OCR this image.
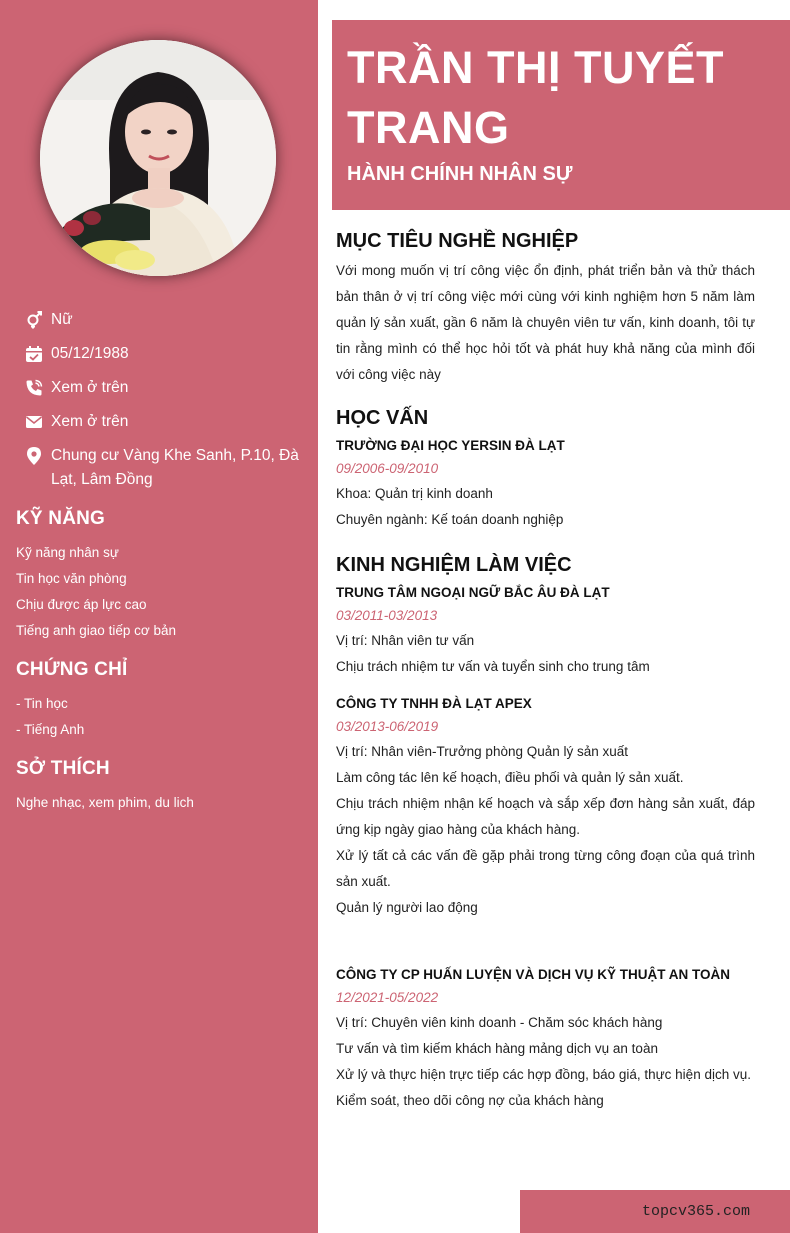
Nữ
05/12/1988
Xem ở trên
Xem ở trên
Chung cư Vàng Khe Sanh, P.10, Đà Lạt, Lâm Đồng
KỸ NĂNG
Kỹ năng nhân sự
Tin học văn phòng
Chịu được áp lực cao
Tiếng anh giao tiếp cơ bản
CHỨNG CHỈ
- Tin học
- Tiếng Anh
SỞ THÍCH
Nghe nhạc, xem phim, du lich
TRẦN THỊ TUYẾT TRANG
HÀNH CHÍNH NHÂN SỰ
MỤC TIÊU NGHỀ NGHIỆP
Với mong muốn vị trí công việc ổn định, phát triển bản và thử thách bản thân ở vị trí công việc mới cùng với kinh nghiệm hơn 5 năm làm quản lý sản xuất, gần 6 năm là chuyên viên tư vấn, kinh doanh, tôi tự tin rằng mình có thể học hỏi tốt và phát huy khả năng của mình đối với công việc này
HỌC VẤN
TRƯỜNG ĐẠI HỌC YERSIN ĐÀ LẠT
09/2006-09/2010
Khoa: Quản trị kinh doanh
Chuyên ngành: Kế toán doanh nghiệp
KINH NGHIỆM LÀM VIỆC
TRUNG TÂM NGOẠI NGỮ BẮC ÂU ĐÀ LẠT
03/2011-03/2013
Vị trí: Nhân viên tư vấn
Chịu trách nhiệm tư vấn và tuyển sinh cho trung tâm
CÔNG TY TNHH ĐÀ LẠT APEX
03/2013-06/2019
Vị trí: Nhân viên-Trưởng phòng Quản lý sản xuất
Làm công tác lên kế hoạch, điều phối và quản lý sản xuất.
Chịu trách nhiệm nhận kế hoạch và sắp xếp đơn hàng sản xuất, đáp ứng kịp ngày giao hàng của khách hàng.
Xử lý tất cả các vấn đề gặp phải trong từng công đoạn của quá trình sản xuất.
Quản lý người lao động
CÔNG TY CP HUẤN LUYỆN VÀ DỊCH VỤ KỸ THUẬT AN TOÀN
12/2021-05/2022
Vị trí: Chuyên viên kinh doanh - Chăm sóc khách hàng
Tư vấn và tìm kiếm khách hàng mảng dịch vụ an toàn
Xử lý và thực hiện trực tiếp các hợp đồng, báo giá, thực hiện dịch vụ.
Kiểm soát, theo dõi công nợ của khách hàng
topcv365.com
